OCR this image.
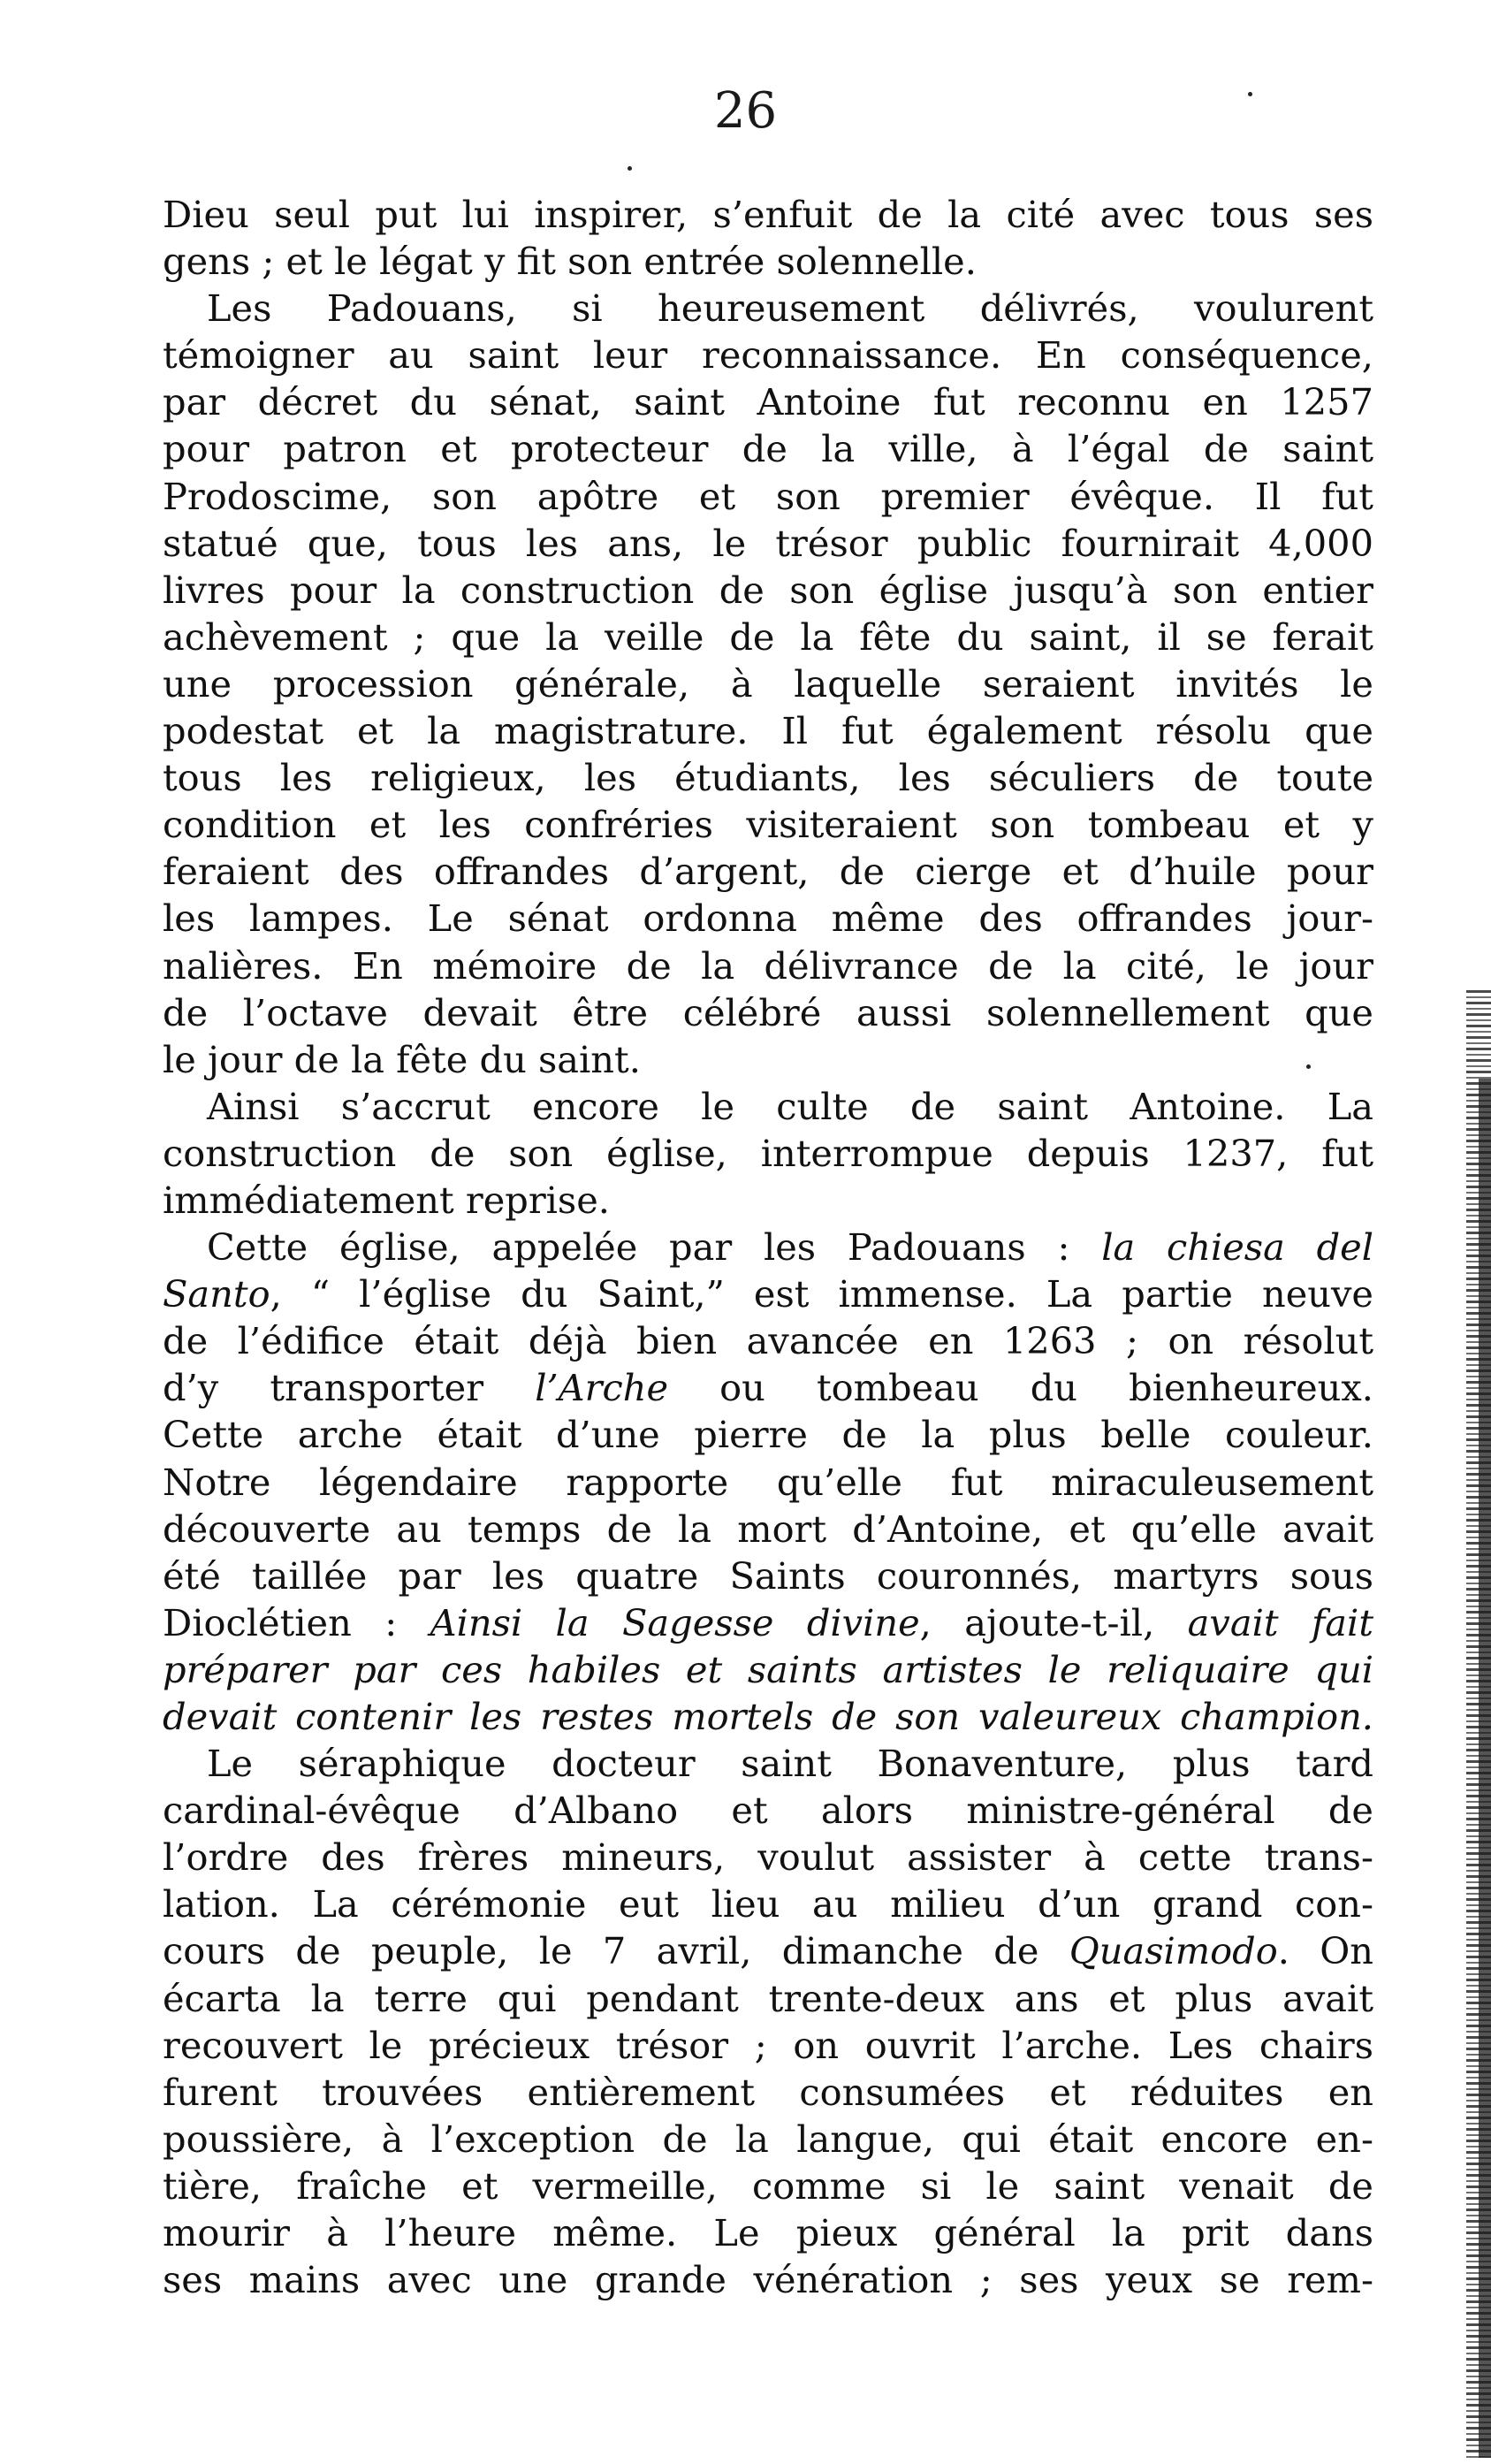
26
Dieu seul put lui inspirer, s’enfuit de la cité avec tous ses
gens ; et le légat y fit son entrée solennelle.
Les Padouans, si heureusement délivrés, voulurent
témoigner au saint leur reconnaissance. En conséquence,
par décret du sénat, saint Antoine fut reconnu en 1257
pour patron et protecteur de la ville, à l’égal de saint
Prodoscime, son apôtre et son premier évêque. Il fut
statué que, tous les ans, le trésor public fournirait 4,000
livres pour la construction de son église jusqu’à son entier
achèvement ; que la veille de la fête du saint, il se ferait
une procession générale, à laquelle seraient invités le
podestat et la magistrature. Il fut également résolu que
tous les religieux, les étudiants, les séculiers de toute
condition et les confréries visiteraient son tombeau et y
feraient des offrandes d’argent, de cierge et d’huile pour
les lampes. Le sénat ordonna même des offrandes jour-
nalières. En mémoire de la délivrance de la cité, le jour
de l’octave devait être célébré aussi solennellement que
le jour de la fête du saint.
Ainsi s’accrut encore le culte de saint Antoine. La
construction de son église, interrompue depuis 1237, fut
immédiatement reprise.
Cette église, appelée par les Padouans : la chiesa del
Santo, “ l’église du Saint,” est immense. La partie neuve
de l’édifice était déjà bien avancée en 1263 ; on résolut
d’y transporter l’Arche ou tombeau du bienheureux.
Cette arche était d’une pierre de la plus belle couleur.
Notre légendaire rapporte qu’elle fut miraculeusement
découverte au temps de la mort d’Antoine, et qu’elle avait
été taillée par les quatre Saints couronnés, martyrs sous
Dioclétien : Ainsi la Sagesse divine, ajoute-t-il, avait fait
préparer par ces habiles et saints artistes le reliquaire qui
devait contenir les restes mortels de son valeureux champion.
Le séraphique docteur saint Bonaventure, plus tard
cardinal-évêque d’Albano et alors ministre-général de
l’ordre des frères mineurs, voulut assister à cette trans-
lation. La cérémonie eut lieu au milieu d’un grand con-
cours de peuple, le 7 avril, dimanche de Quasimodo. On
écarta la terre qui pendant trente-deux ans et plus avait
recouvert le précieux trésor ; on ouvrit l’arche. Les chairs
furent trouvées entièrement consumées et réduites en
poussière, à l’exception de la langue, qui était encore en-
tière, fraîche et vermeille, comme si le saint venait de
mourir à l’heure même. Le pieux général la prit dans
ses mains avec une grande vénération ; ses yeux se rem-
